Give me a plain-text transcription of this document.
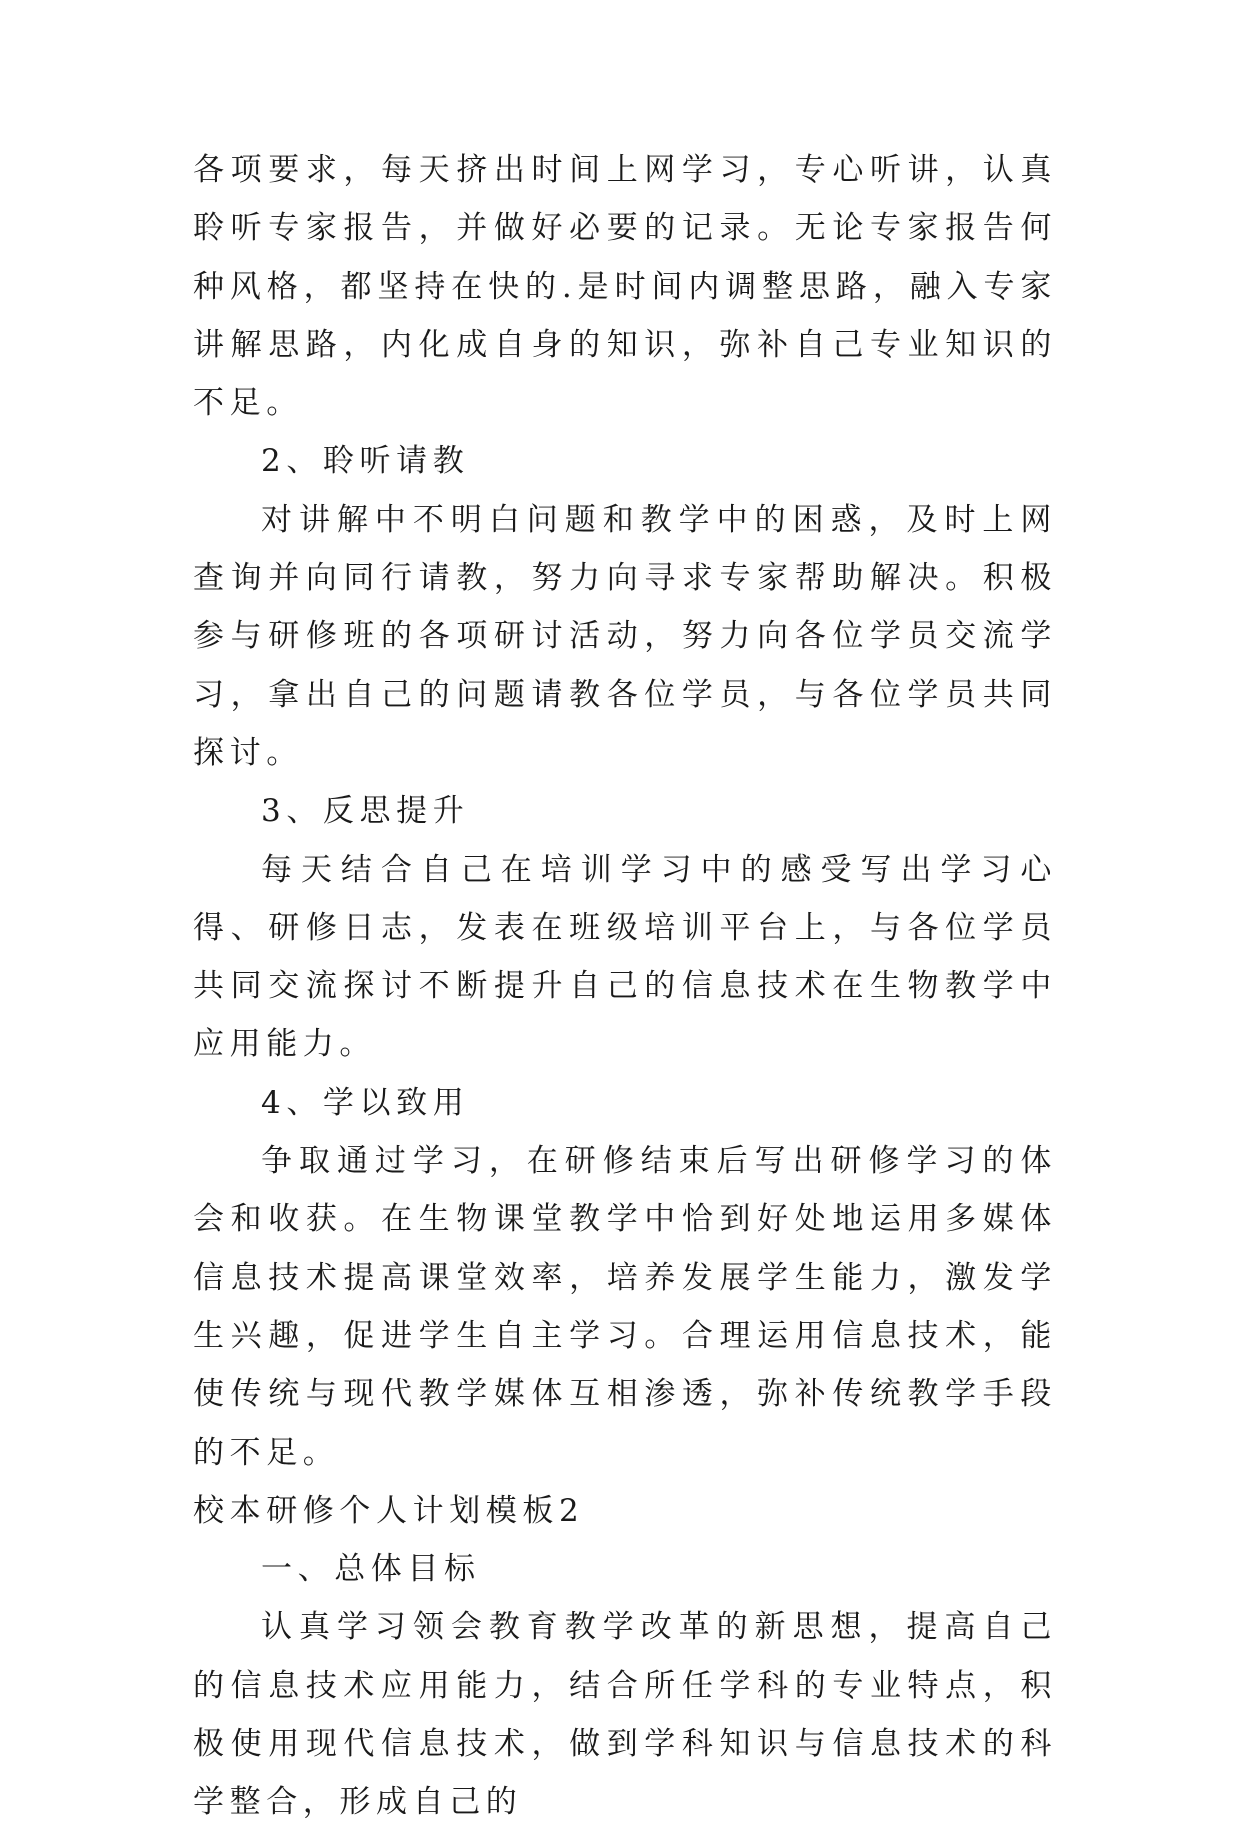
各项要求，每天挤出时间上网学习，专心听讲，认真聆听专家报告，并做好必要的记录。无论专家报告何种风格，都坚持在快的.是时间内调整思路，融入专家讲解思路，内化成自身的知识，弥补自己专业知识的不足。

2、聆听请教

对讲解中不明白问题和教学中的困惑，及时上网查询并向同行请教，努力向寻求专家帮助解决。积极参与研修班的各项研讨活动，努力向各位学员交流学习，拿出自己的问题请教各位学员，与各位学员共同探讨。

3、反思提升

每天结合自己在培训学习中的感受写出学习心得、研修日志，发表在班级培训平台上，与各位学员共同交流探讨不断提升自己的信息技术在生物教学中应用能力。

4、学以致用

争取通过学习，在研修结束后写出研修学习的体会和收获。在生物课堂教学中恰到好处地运用多媒体信息技术提高课堂效率，培养发展学生能力，激发学生兴趣，促进学生自主学习。合理运用信息技术，能使传统与现代教学媒体互相渗透，弥补传统教学手段的不足。

校本研修个人计划模板2

一、总体目标

认真学习领会教育教学改革的新思想，提高自己的信息技术应用能力，结合所任学科的专业特点，积极使用现代信息技术，做到学科知识与信息技术的科学整合，形成自己的
